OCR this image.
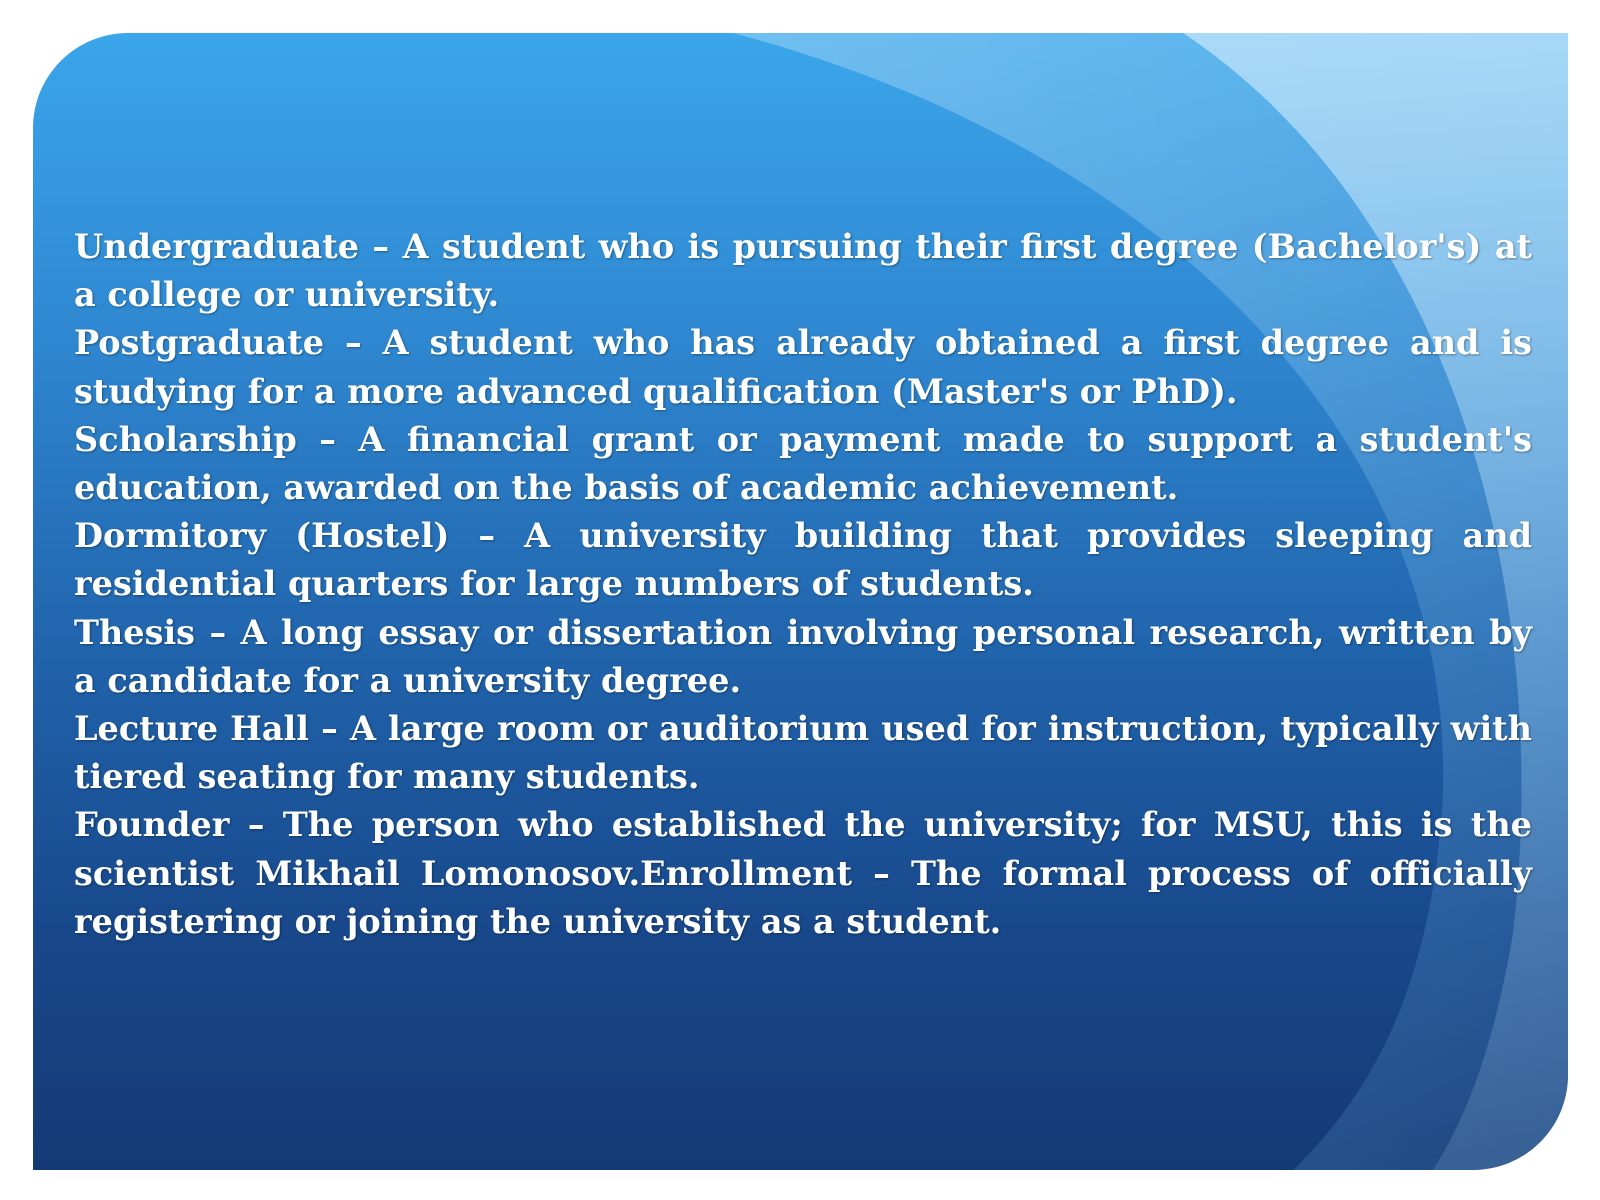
Undergraduate – A student who is pursuing their first degree (Bachelor's) at a college or university.

Postgraduate – A student who has already obtained a first degree and is studying for a more advanced qualification (Master's or PhD).

Scholarship – A financial grant or payment made to support a student's education, awarded on the basis of academic achievement.

Dormitory (Hostel) – A university building that provides sleeping and residential quarters for large numbers of students.

Thesis – A long essay or dissertation involving personal research, written by a candidate for a university degree.

Lecture Hall – A large room or auditorium used for instruction, typically with tiered seating for many students.

Founder – The person who established the university; for MSU, this is the scientist Mikhail Lomonosov.Enrollment – The formal process of officially registering or joining the university as a student.
